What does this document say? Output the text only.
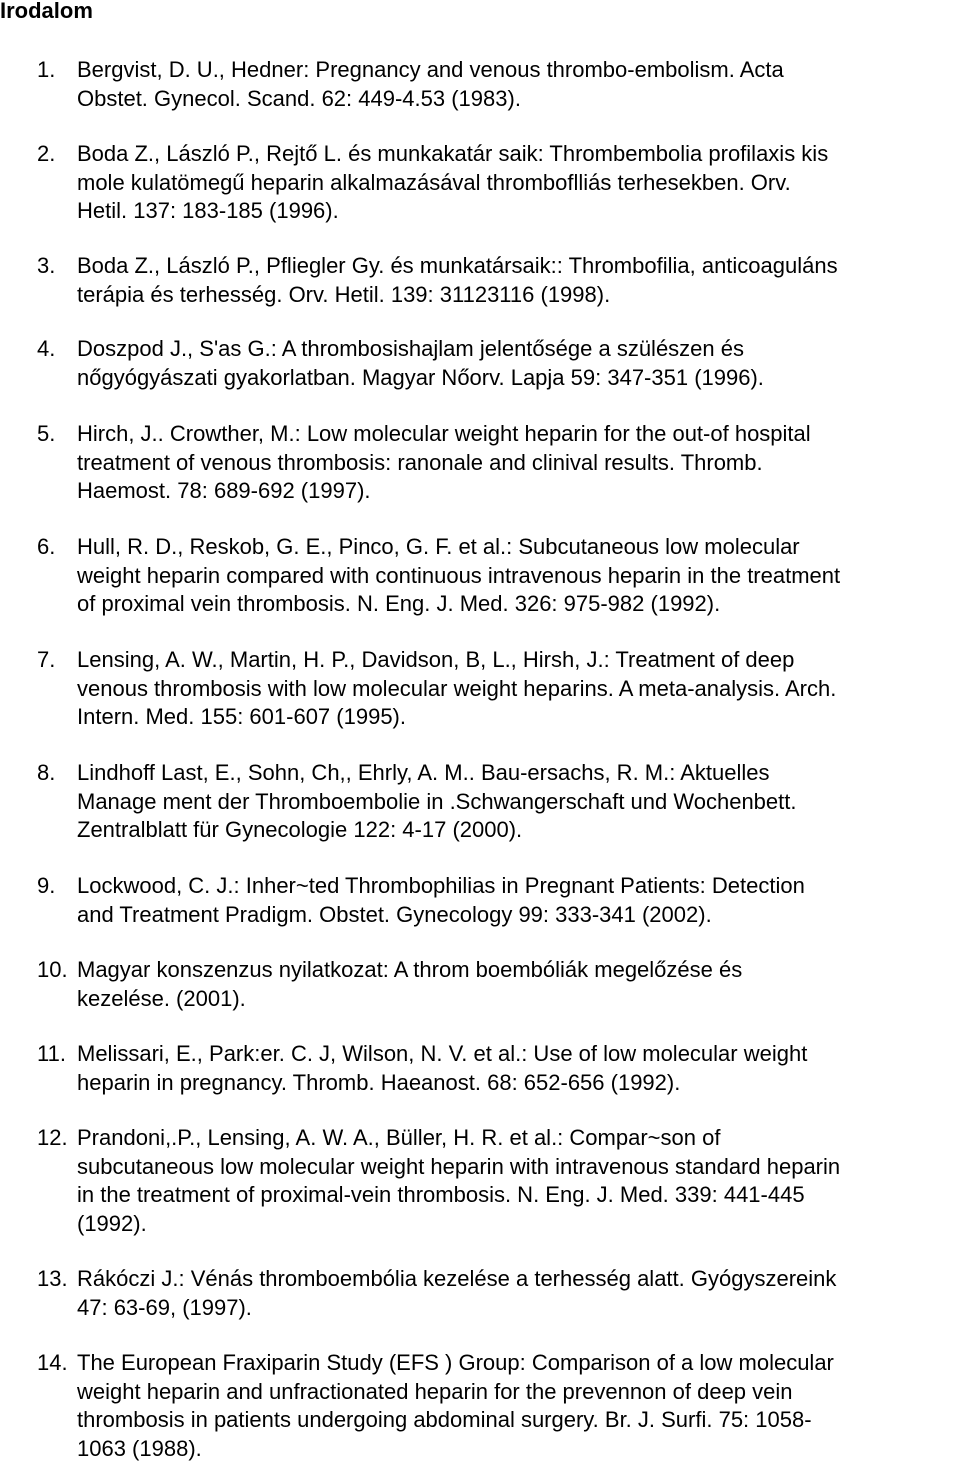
Irodalom
1. Bergvist, D. U., Hedner: Pregnancy and venous thrombo-embolism. Acta
Obstet. Gynecol. Scand. 62: 449-4.53 (1983).
2. Boda Z., László P., Rejtő L. és munkakatár saik: Thrombembolia profilaxis kis
mole kulatömegű heparin alkalmazásával thromboflliás terhesekben. Orv.
Hetil. 137: 183-185 (1996).
3. Boda Z., László P., Pfliegler Gy. és munkatársaik:: Thrombofilia, anticoaguláns
terápia és terhesség. Orv. Hetil. 139: 31123116 (1998).
4. Doszpod J., S'as G.: A thrombosishajlam jelentősége a szülészen és
nőgyógyászati gyakorlatban. Magyar Nőorv. Lapja 59: 347-351 (1996).
5. Hirch, J.. Crowther, M.: Low molecular weight heparin for the out-of hospital
treatment of venous thrombosis: ranonale and clinival results. Thromb.
Haemost. 78: 689-692 (1997).
6. Hull, R. D., Reskob, G. E., Pinco, G. F. et al.: Subcutaneous low molecular
weight heparin compared with continuous intravenous heparin in the treatment
of proximal vein thrombosis. N. Eng. J. Med. 326: 975-982 (1992).
7. Lensing, A. W., Martin, H. P., Davidson, B, L., Hirsh, J.: Treatment of deep
venous thrombosis with low molecular weight heparins. A meta-analysis. Arch.
Intern. Med. 155: 601-607 (1995).
8. Lindhoff Last, E., Sohn, Ch,, Ehrly, A. M.. Bau-ersachs, R. M.: Aktuelles
Manage ment der Thromboembolie in .Schwangerschaft und Wochenbett.
Zentralblatt für Gynecologie 122: 4-17 (2000).
9. Lockwood, C. J.: Inher~ted Thrombophilias in Pregnant Patients: Detection
and Treatment Pradigm. Obstet. Gynecology 99: 333-341 (2002).
10. Magyar konszenzus nyilatkozat: A throm boembóliák megelőzése és
kezelése. (2001).
11. Melissari, E., Park:er. C. J, Wilson, N. V. et al.: Use of low molecular weight
heparin in pregnancy. Thromb. Haeanost. 68: 652-656 (1992).
12. Prandoni,.P., Lensing, A. W. A., Büller, H. R. et al.: Compar~son of
subcutaneous low molecular weight heparin with intravenous standard heparin
in the treatment of proximal-vein thrombosis. N. Eng. J. Med. 339: 441-445
(1992).
13. Rákóczi J.: Vénás thromboembólia kezelése a terhesség alatt. Gyógyszereink
47: 63-69, (1997).
14. The European Fraxiparin Study (EFS ) Group: Comparison of a low molecular
weight heparin and unfractionated heparin for the prevennon of deep vein
thrombosis in patients undergoing abdominal surgery. Br. J. Surfi. 75: 1058-
1063 (1988).
